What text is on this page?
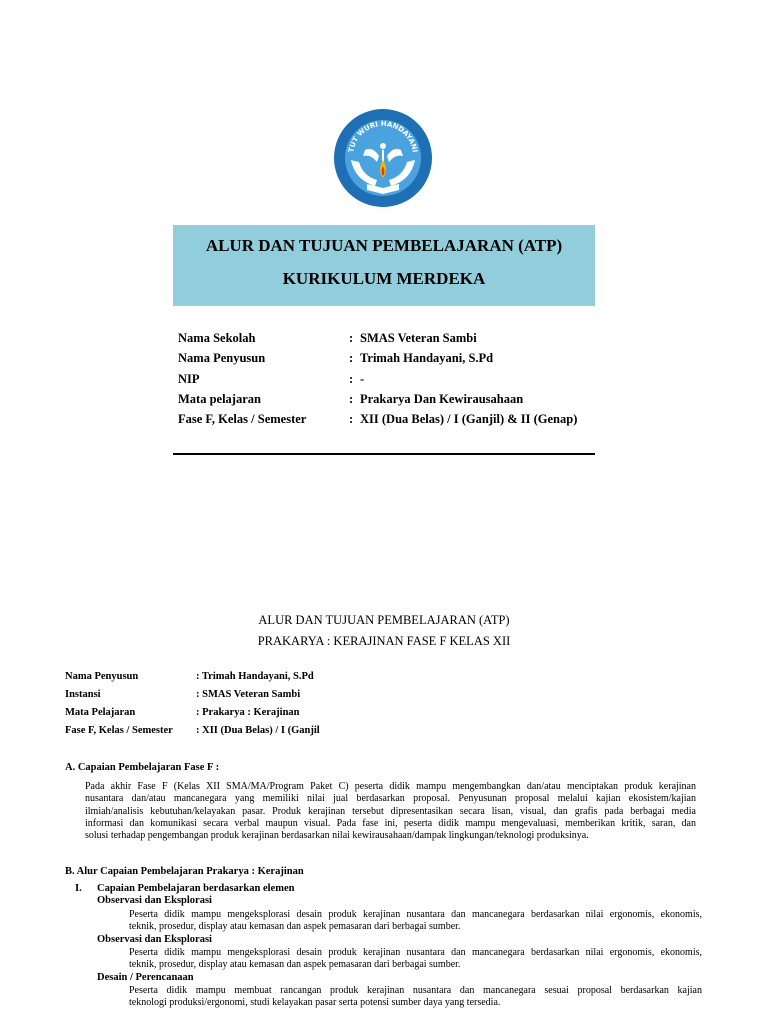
TUT WURI HANDAYANI
ALUR DAN TUJUAN PEMBELAJARAN (ATP)
KURIKULUM MERDEKA
Nama Sekolah	: SMAS Veteran Sambi
Nama Penyusun	: Trimah Handayani, S.Pd
NIP	: -
Mata pelajaran	: Prakarya Dan Kewirausahaan
Fase F, Kelas / Semester	: XII (Dua Belas) / I (Ganjil) & II (Genap)
ALUR DAN TUJUAN PEMBELAJARAN (ATP)
PRAKARYA : KERAJINAN FASE F KELAS XII
Nama Penyusun	: Trimah Handayani, S.Pd
Instansi	: SMAS Veteran Sambi
Mata Pelajaran	: Prakarya : Kerajinan
Fase F, Kelas / Semester : XII (Dua Belas) / I (Ganjil
A. Capaian Pembelajaran Fase F :
Pada akhir Fase F (Kelas XII SMA/MA/Program Paket C) peserta didik mampu mengembangkan dan/atau menciptakan produk kerajinan
nusantara dan/atau mancanegara yang memiliki nilai jual berdasarkan proposal. Penyusunan proposal melalui kajian ekosistem/kajian
ilmiah/analisis kebutuhan/kelayakan pasar. Produk kerajinan tersebut dipresentasikan secara lisan, visual, dan grafis pada berbagai media
informasi dan komunikasi secara verbal maupun visual. Pada fase ini, peserta didik mampu mengevaluasi, memberikan kritik, saran, dan
solusi terhadap pengembangan produk kerajinan berdasarkan nilai kewirausahaan/dampak lingkungan/teknologi produksinya.
B. Alur Capaian Pembelajaran Prakarya : Kerajinan
I. Capaian Pembelajaran berdasarkan elemen
Observasi dan Eksplorasi
Peserta didik mampu mengeksplorasi desain produk kerajinan nusantara dan mancanegara berdasarkan nilai ergonomis, ekonomis,
teknik, prosedur, display atau kemasan dan aspek pemasaran dari berbagai sumber.
Observasi dan Eksplorasi
Peserta didik mampu mengeksplorasi desain produk kerajinan nusantara dan mancanegara berdasarkan nilai ergonomis, ekonomis,
teknik, prosedur, display atau kemasan dan aspek pemasaran dari berbagai sumber.
Desain / Perencanaan
Peserta didik mampu membuat rancangan produk kerajinan nusantara dan mancanegara sesuai proposal berdasarkan kajian
teknologi produksi/ergonomi, studi kelayakan pasar serta potensi sumber daya yang tersedia.
